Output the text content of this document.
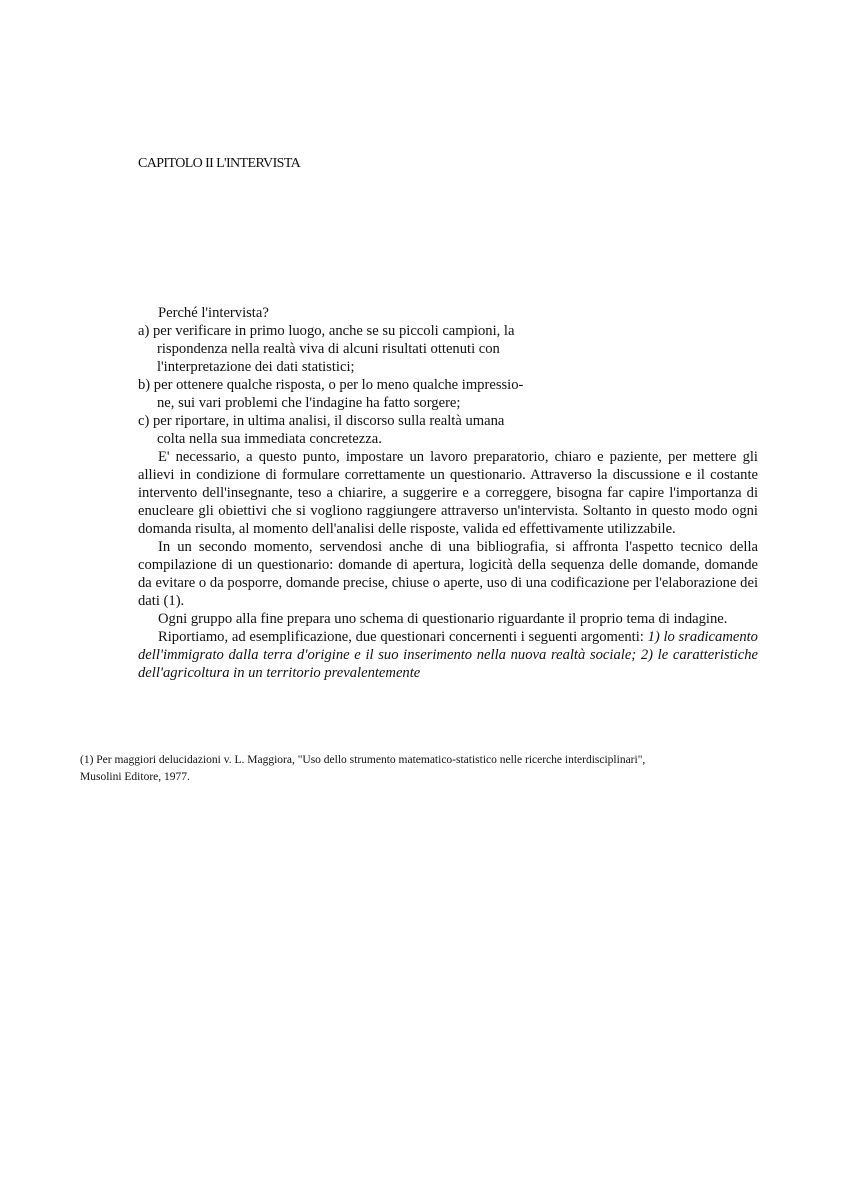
CAPITOLO II L'INTERVISTA
Perché l'intervista?
a) per verificare in primo luogo, anche se su piccoli campioni, la
rispondenza nella realtà viva di alcuni risultati ottenuti con
l'interpretazione dei dati statistici;
b) per ottenere qualche risposta, o per lo meno qualche impressio-
ne, sui vari problemi che l'indagine ha fatto sorgere;
c) per riportare, in ultima analisi, il discorso sulla realtà umana
colta nella sua immediata concretezza.

E' necessario, a questo punto, impostare un lavoro preparatorio, chiaro e paziente, per mettere gli allievi in condizione di formulare correttamente un questionario. Attraverso la discussione e il costante intervento dell'insegnante, teso a chiarire, a suggerire e a correggere, bisogna far capire l'importanza di enucleare gli obiettivi che si vogliono raggiungere attraverso un'intervista. Soltanto in questo modo ogni domanda risulta, al momento dell'analisi delle risposte, valida ed effettivamente utilizzabile.

In un secondo momento, servendosi anche di una bibliografia, si affronta l'aspetto tecnico della compilazione di un questionario: domande di apertura, logicità della sequenza delle domande, domande da evitare o da posporre, domande precise, chiuse o aperte, uso di una codificazione per l'elaborazione dei dati (1).

Ogni gruppo alla fine prepara uno schema di questionario riguardante il proprio tema di indagine.

Riportiamo, ad esemplificazione, due questionari concernenti i seguenti argomenti: 1) lo sradicamento dell'immigrato dalla terra d'origine e il suo inserimento nella nuova realtà sociale; 2) le caratteristiche dell'agricoltura in un territorio prevalentemente

(1) Per maggiori delucidazioni v. L. Maggiora, "Uso dello strumento matematico-statistico nelle ricerche interdisciplinari",
Musolini Editore, 1977.
